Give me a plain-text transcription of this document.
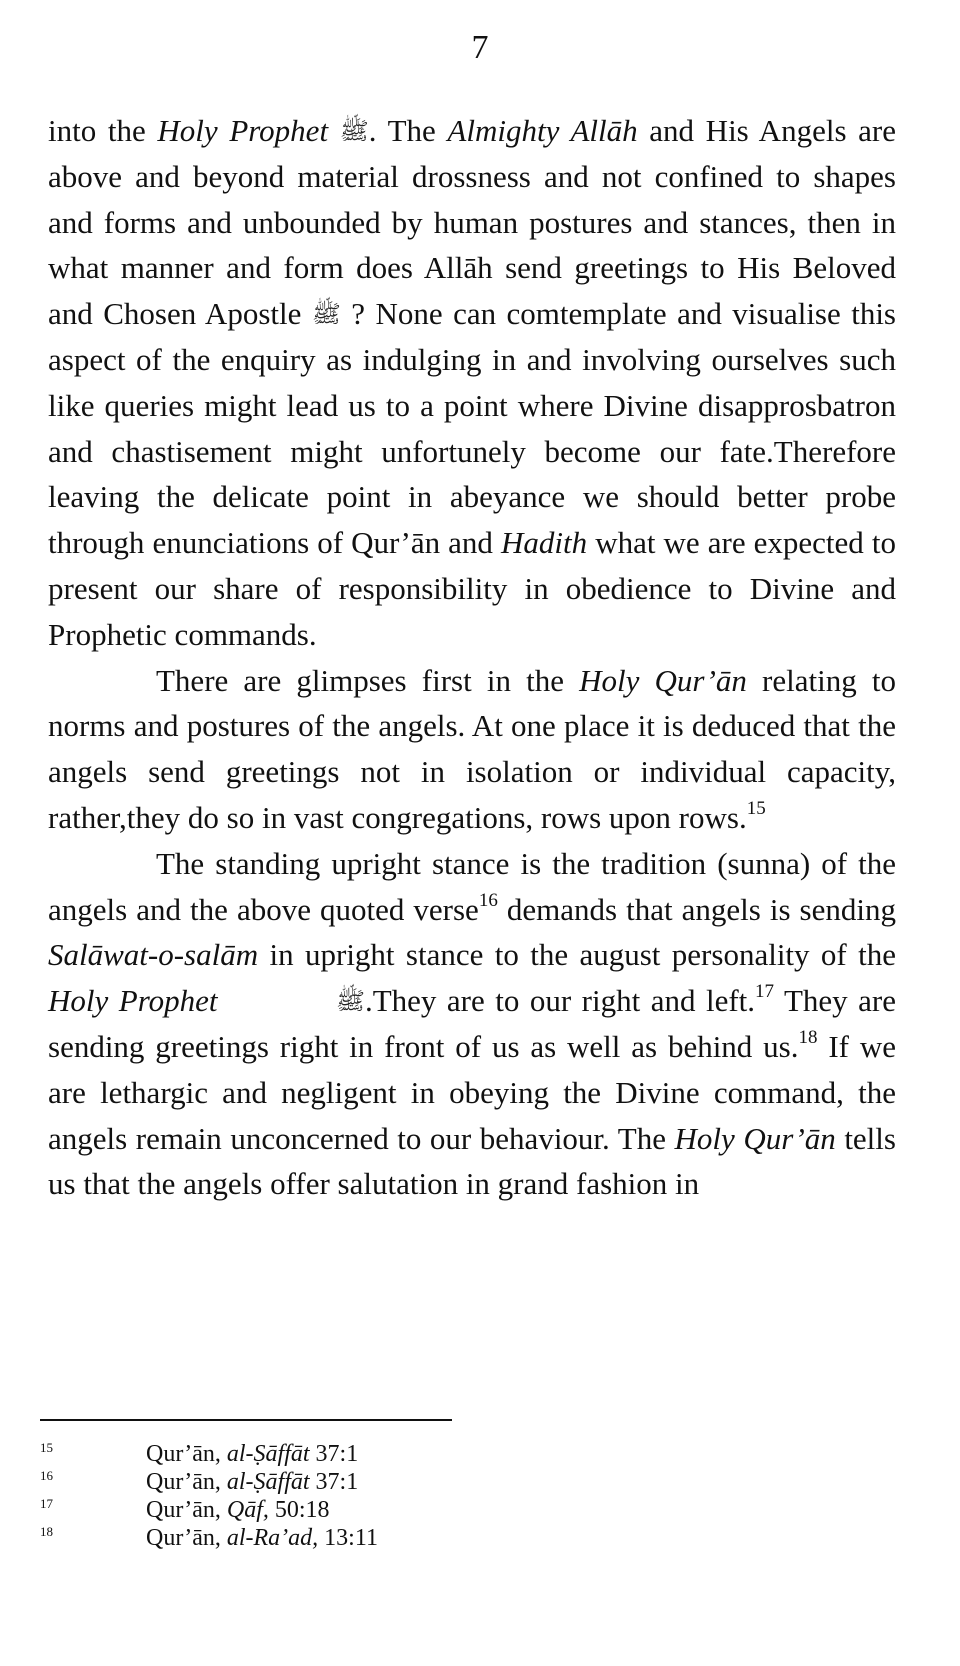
7

into the Holy Prophet ﷺ. The Almighty Allāh and His Angels are above and beyond material drossness and not confined to shapes and forms and unbounded by human postures and stances, then in what manner and form does Allāh send greetings to His Beloved and Chosen Apostle ﷺ ? None can comtemplate and visualise this aspect of the enquiry as indulging in and involving ourselves such like queries might lead us to a point where Divine disapprosbatron and chastisement might unfortunely become our fate.Therefore leaving the delicate point in abeyance we should better probe through enunciations of Qur’ān and Hadith what we are expected to present our share of responsibility in obedience to Divine and Prophetic commands.

There are glimpses first in the Holy Qur’ān relating to norms and postures of the angels. At one place it is deduced that the angels send greetings not in isolation or individual capacity, rather,they do so in vast congregations, rows upon rows.$^{15}$

The standing upright stance is the tradition (sunna) of the angels and the above quoted verse$^{16}$ demands that angels is sending Salāwat-o-salām in upright stance to the august personality of the Holy Prophet	ﷺ.They are to our right and left.$^{17}$ They are sending greetings right in front of us as well as behind us.$^{18}$ If we are lethargic and negligent in obeying the Divine command, the angels remain unconcerned to our behaviour. The Holy Qur’ān tells us that the angels offer salutation in grand fashion in

15	Qur’ān, al-Ṣāffāt 37:1
16	Qur’ān, al-Ṣāffāt 37:1
17	Qur’ān, Qāf, 50:18
18	Qur’ān, al-Ra’ad, 13:11
